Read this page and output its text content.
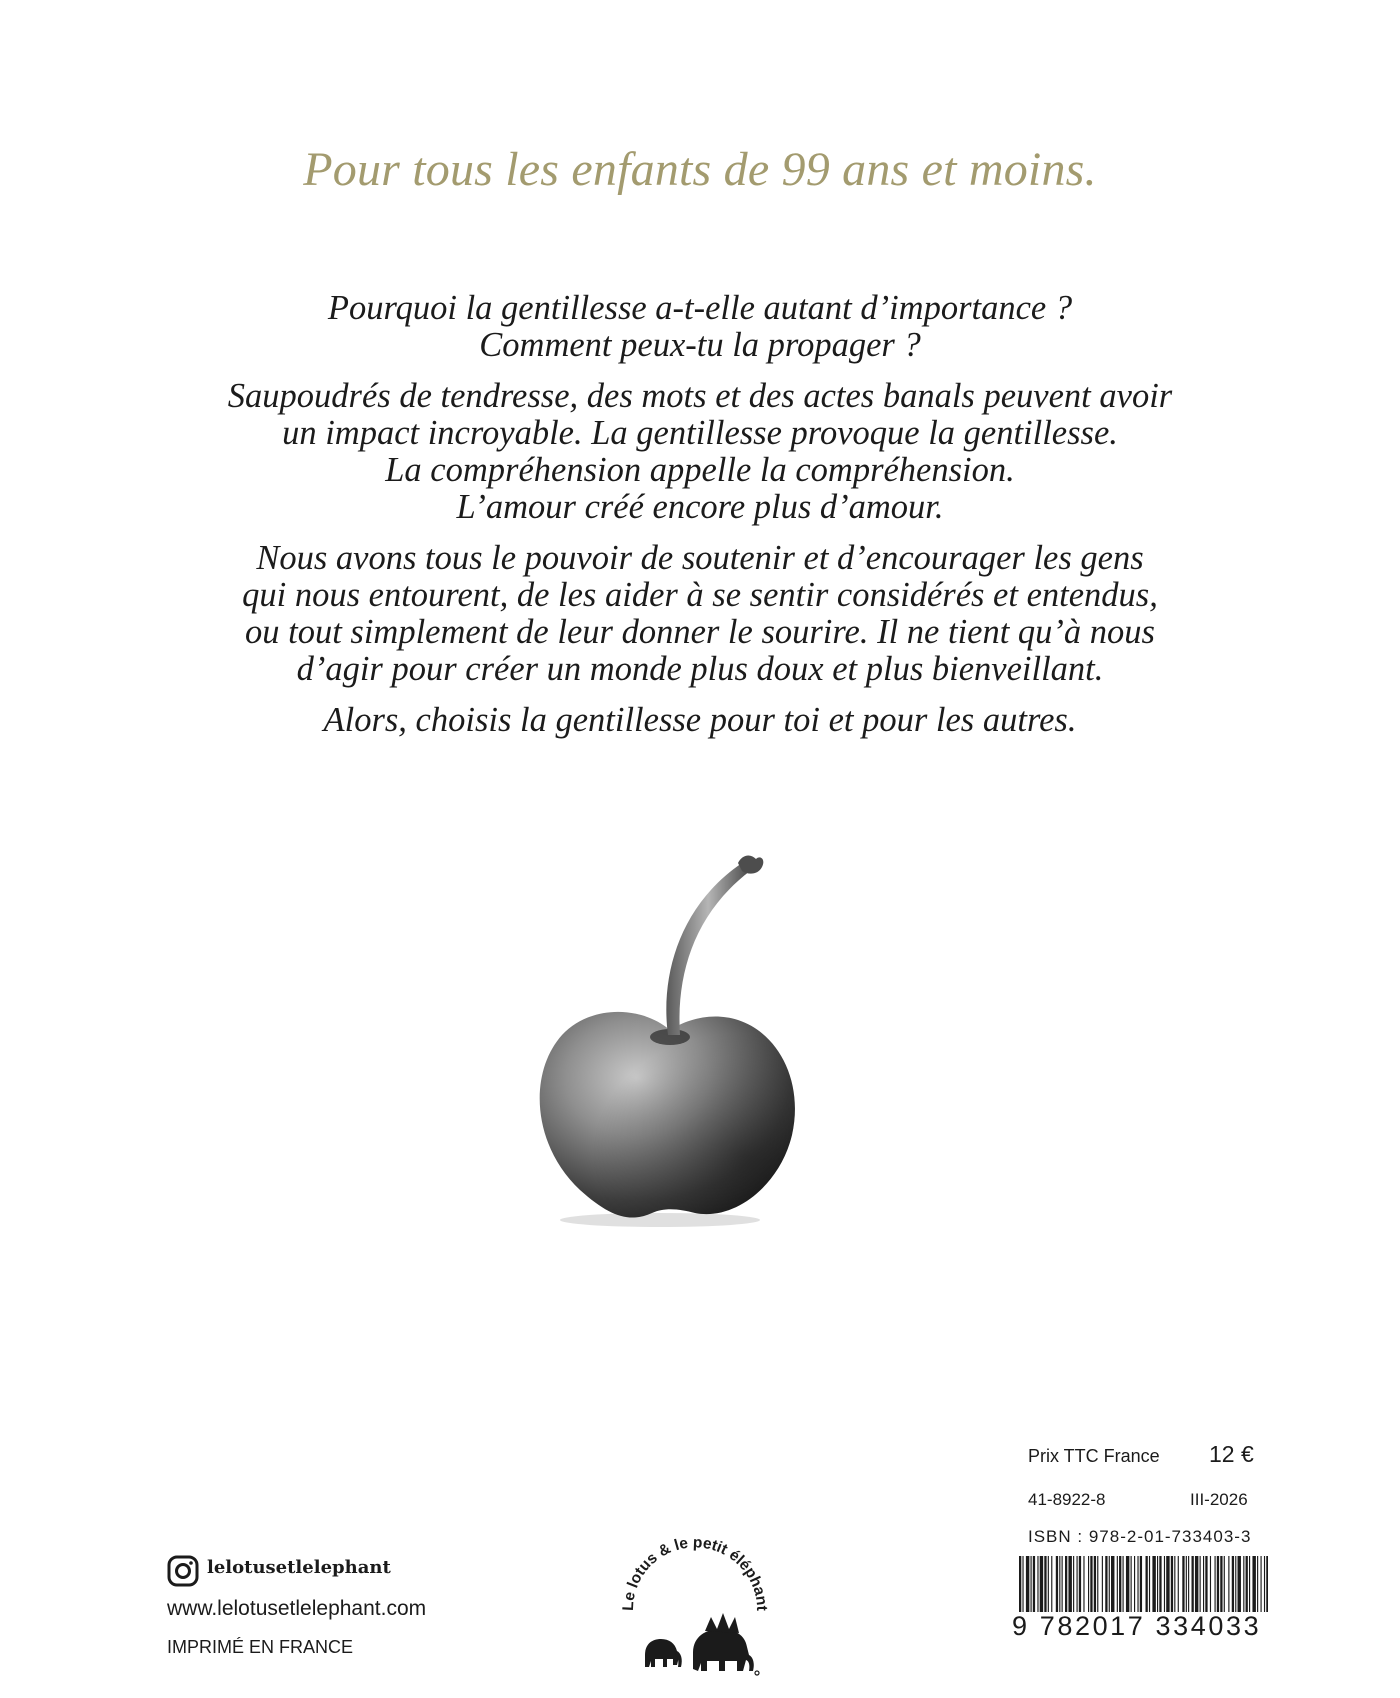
Pour tous les enfants de 99 ans et moins.

Pourquoi la gentillesse a-t-elle autant d’importance ?
Comment peux-tu la propager ?

Saupoudrés de tendresse, des mots et des actes banals peuvent avoir
un impact incroyable. La gentillesse provoque la gentillesse.
La compréhension appelle la compréhension.
L’amour créé encore plus d’amour.

Nous avons tous le pouvoir de soutenir et d’encourager les gens
qui nous entourent, de les aider à se sentir considérés et entendus,
ou tout simplement de leur donner le sourire. Il ne tient qu’à nous
d’agir pour créer un monde plus doux et plus bienveillant.

Alors, choisis la gentillesse pour toi et pour les autres.

lelotusetlelephant
www.lelotusetlelephant.com
IMPRIMÉ EN FRANCE
Le lotus & le petit éléphant
Prix TTC France 12 €
41-8922-8	III-2026
ISBN : 978-2-01-733403-3
9 782017 334033
